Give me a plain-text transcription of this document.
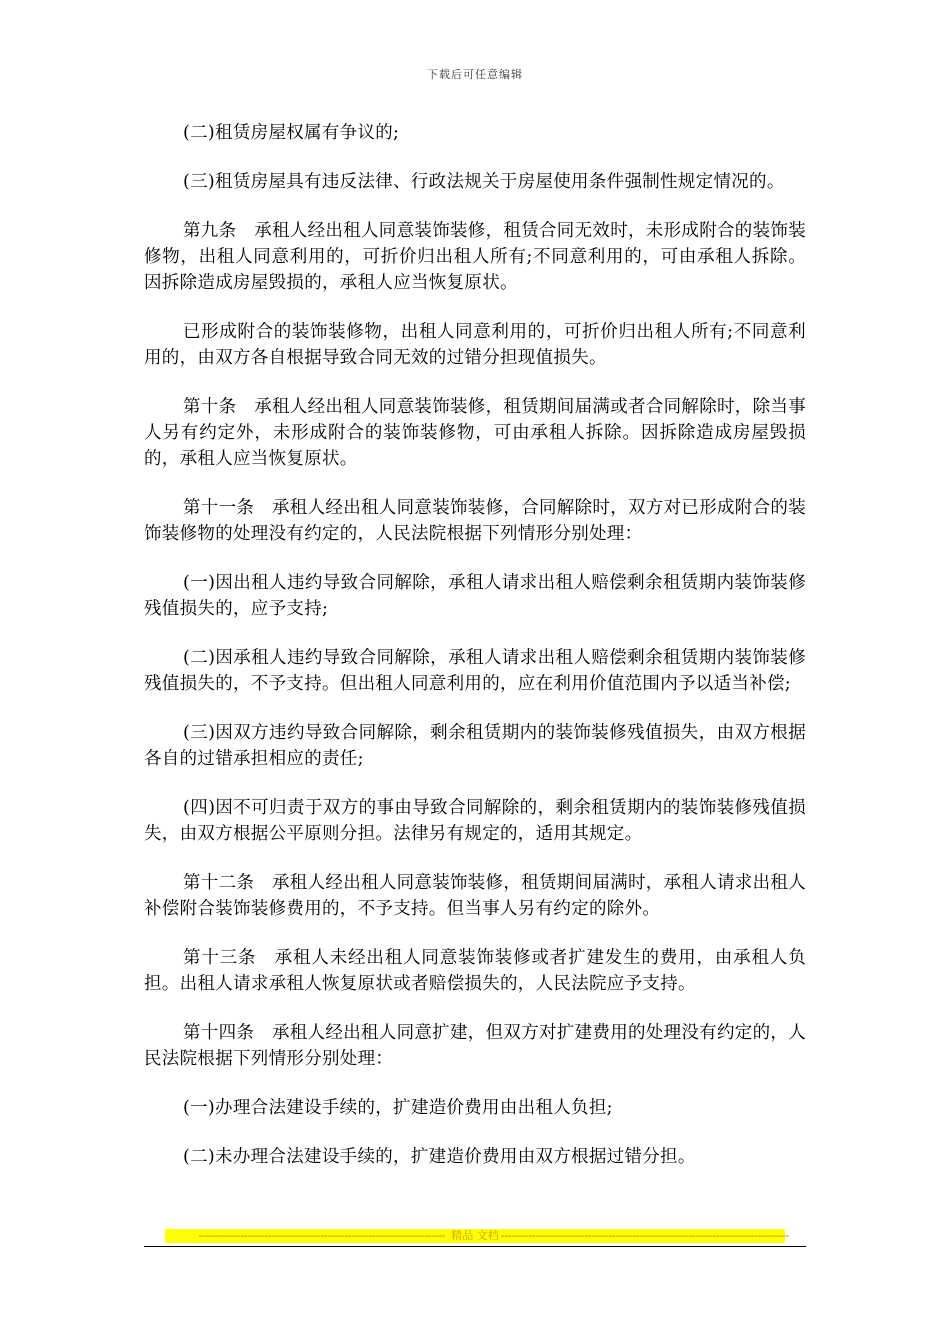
下载后可任意编辑

(二)租赁房屋权属有争议的;

(三)租赁房屋具有违反法律、行政法规关于房屋使用条件强制性规定情况的。

第九条　承租人经出租人同意装饰装修，租赁合同无效时，未形成附合的装饰装修物，出租人同意利用的，可折价归出租人所有;不同意利用的，可由承租人拆除。因拆除造成房屋毁损的，承租人应当恢复原状。

已形成附合的装饰装修物，出租人同意利用的，可折价归出租人所有;不同意利用的，由双方各自根据导致合同无效的过错分担现值损失。

第十条　承租人经出租人同意装饰装修，租赁期间届满或者合同解除时，除当事人另有约定外，未形成附合的装饰装修物，可由承租人拆除。因拆除造成房屋毁损的，承租人应当恢复原状。

第十一条　承租人经出租人同意装饰装修，合同解除时，双方对已形成附合的装饰装修物的处理没有约定的，人民法院根据下列情形分别处理：

(一)因出租人违约导致合同解除，承租人请求出租人赔偿剩余租赁期内装饰装修残值损失的，应予支持;

(二)因承租人违约导致合同解除，承租人请求出租人赔偿剩余租赁期内装饰装修残值损失的，不予支持。但出租人同意利用的，应在利用价值范围内予以适当补偿;

(三)因双方违约导致合同解除，剩余租赁期内的装饰装修残值损失，由双方根据各自的过错承担相应的责任;

(四)因不可归责于双方的事由导致合同解除的，剩余租赁期内的装饰装修残值损失，由双方根据公平原则分担。法律另有规定的，适用其规定。

第十二条　承租人经出租人同意装饰装修，租赁期间届满时，承租人请求出租人补偿附合装饰装修费用的，不予支持。但当事人另有约定的除外。

第十三条　承租人未经出租人同意装饰装修或者扩建发生的费用，由承租人负担。出租人请求承租人恢复原状或者赔偿损失的，人民法院应予支持。

第十四条　承租人经出租人同意扩建，但双方对扩建费用的处理没有约定的，人民法院根据下列情形分别处理：

(一)办理合法建设手续的，扩建造价费用由出租人负担;

(二)未办理合法建设手续的，扩建造价费用由双方根据过错分担。

----------------------------------------------------------------------- 精品 文档 -----------------------------------------------------------------------------------
